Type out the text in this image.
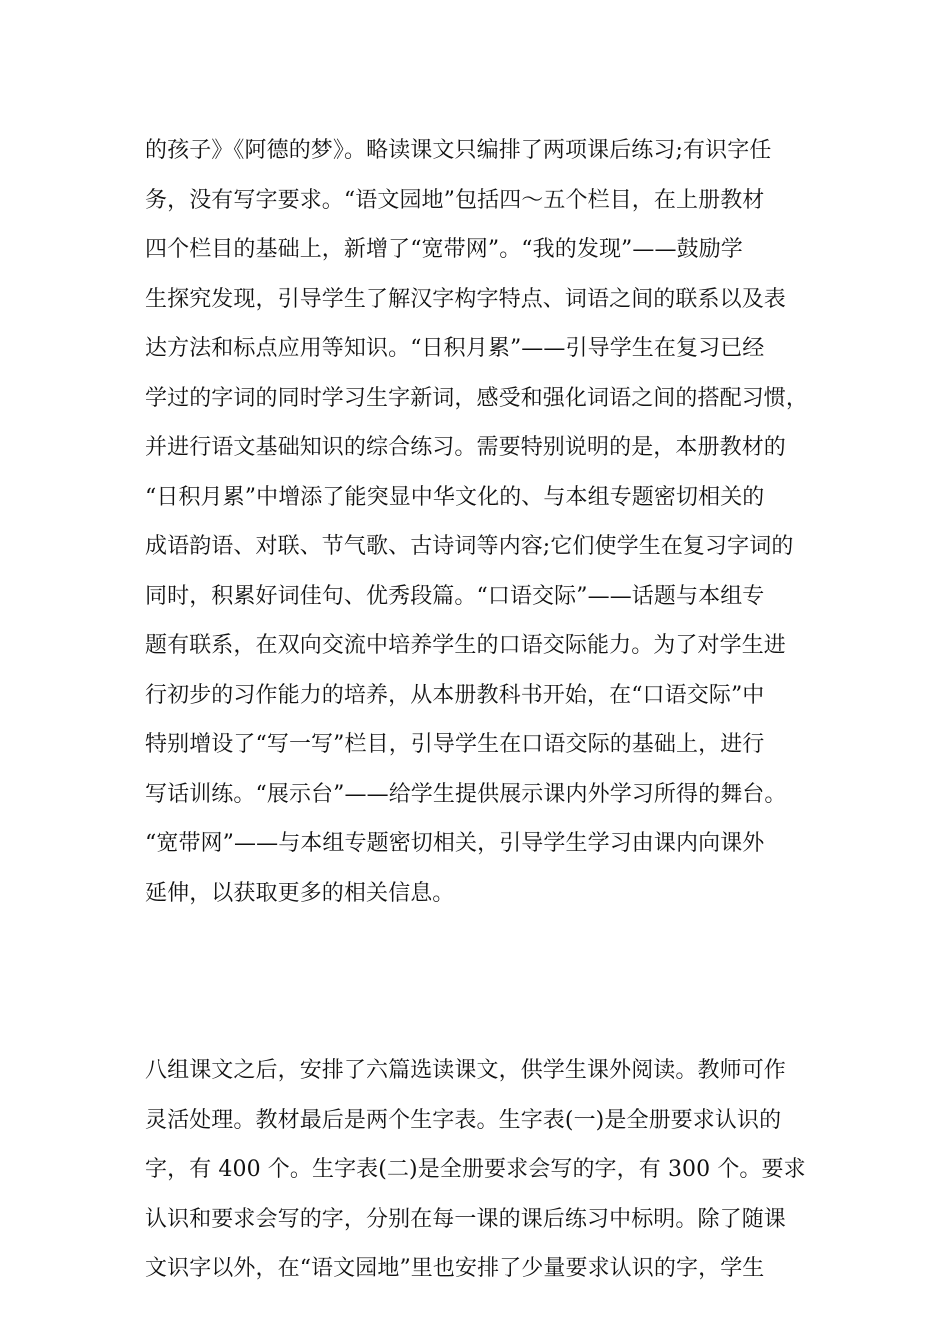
的孩子》《阿德的梦》。略读课文只编排了两项课后练习;有识字任
务，没有写字要求。“语文园地”包括四～五个栏目，在上册教材
四个栏目的基础上，新增了“宽带网”。“我的发现”——鼓励学
生探究发现，引导学生了解汉字构字特点、词语之间的联系以及表
达方法和标点应用等知识。“日积月累”——引导学生在复习已经
学过的字词的同时学习生字新词，感受和强化词语之间的搭配习惯，
并进行语文基础知识的综合练习。需要特别说明的是，本册教材的
“日积月累”中增添了能突显中华文化的、与本组专题密切相关的
成语韵语、对联、节气歌、古诗词等内容;它们使学生在复习字词的
同时，积累好词佳句、优秀段篇。“口语交际”——话题与本组专
题有联系，在双向交流中培养学生的口语交际能力。为了对学生进
行初步的习作能力的培养，从本册教科书开始，在“口语交际”中
特别增设了“写一写”栏目，引导学生在口语交际的基础上，进行
写话训练。“展示台”——给学生提供展示课内外学习所得的舞台。
“宽带网”——与本组专题密切相关，引导学生学习由课内向课外
延伸，以获取更多的相关信息。
八组课文之后，安排了六篇选读课文，供学生课外阅读。教师可作
灵活处理。教材最后是两个生字表。生字表(一)是全册要求认识的
字，有 400 个。生字表(二)是全册要求会写的字，有 300 个。要求
认识和要求会写的字，分别在每一课的课后练习中标明。除了随课
文识字以外，在“语文园地”里也安排了少量要求认识的字，学生
